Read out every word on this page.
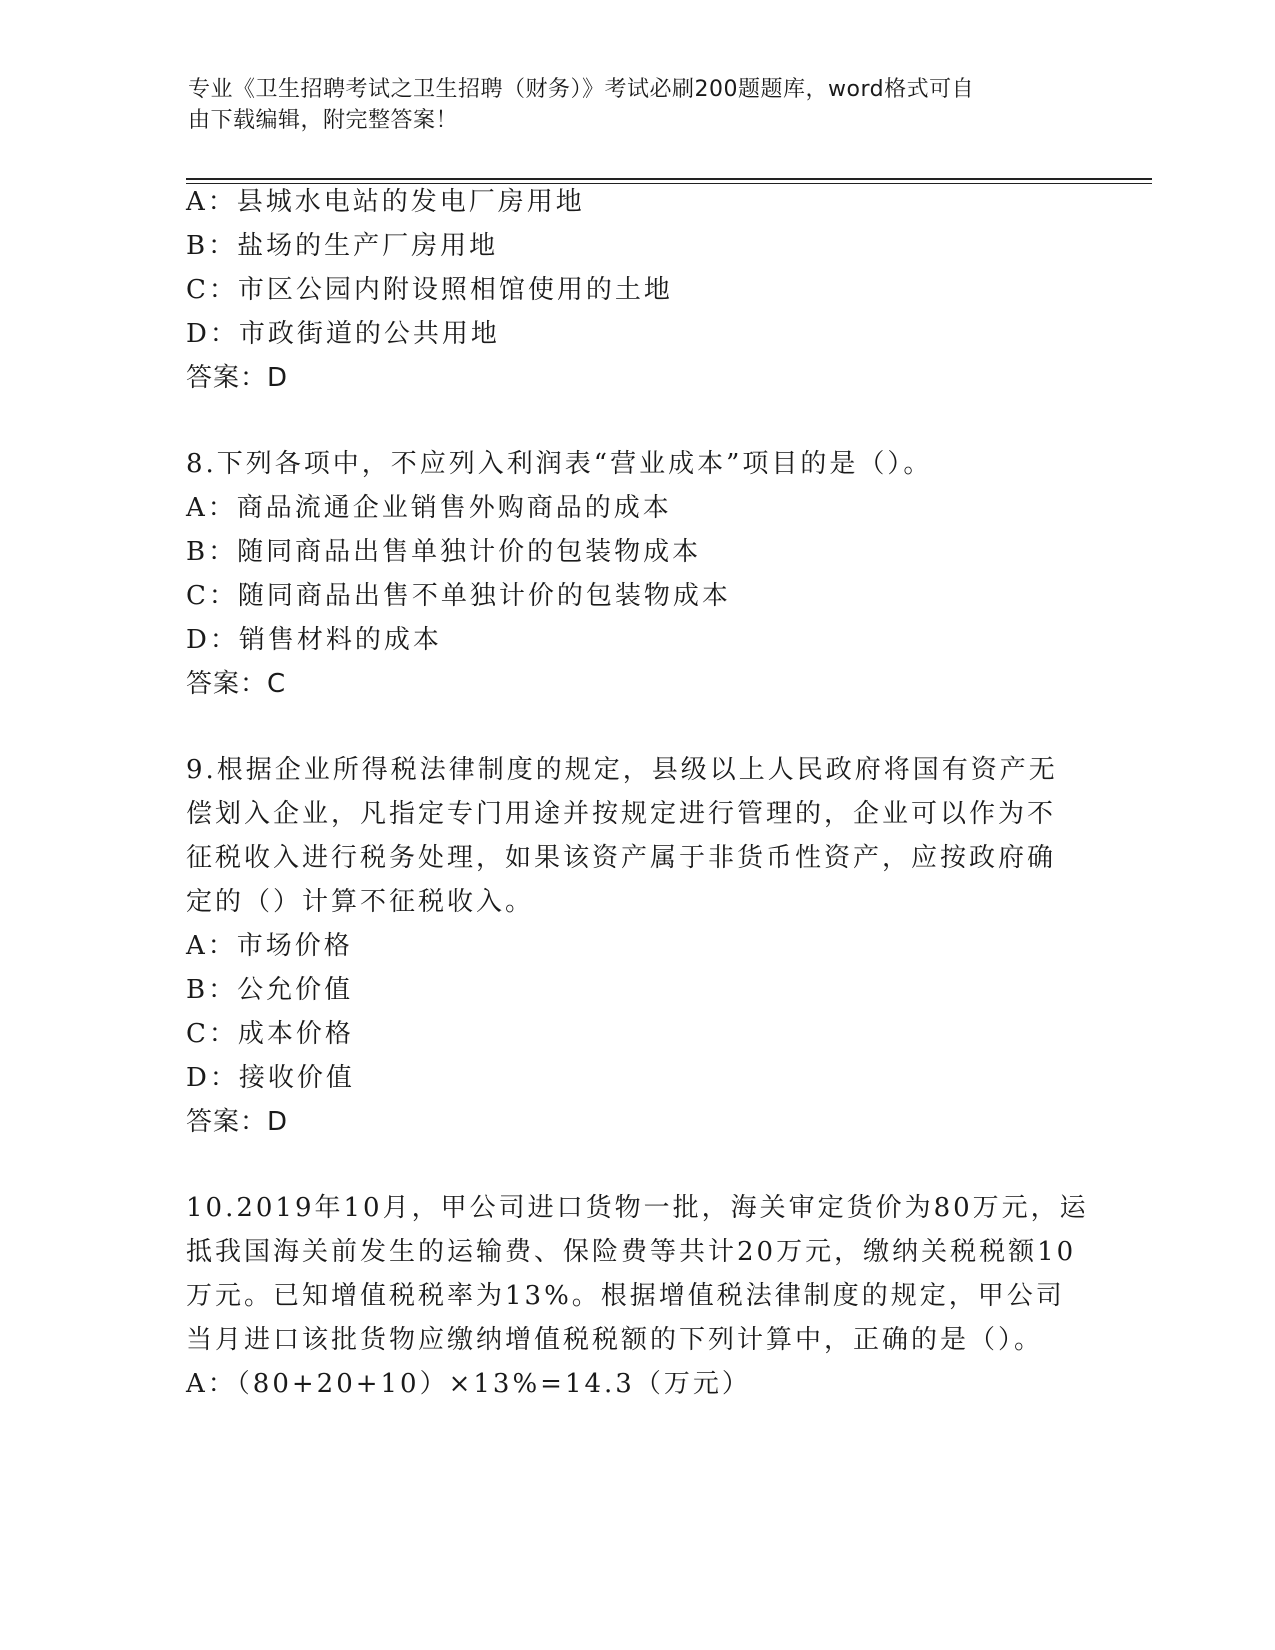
专业《卫生招聘考试之卫生招聘（财务）》考试必刷200题题库，word格式可自
由下载编辑，附完整答案！
A：县城水电站的发电厂房用地
B：盐场的生产厂房用地
C：市区公园内附设照相馆使用的土地
D：市政街道的公共用地
答案：D
8.下列各项中，不应列入利润表“营业成本”项目的是（）。
A：商品流通企业销售外购商品的成本
B：随同商品出售单独计价的包装物成本
C：随同商品出售不单独计价的包装物成本
D：销售材料的成本
答案：C
9.根据企业所得税法律制度的规定，县级以上人民政府将国有资产无
偿划入企业，凡指定专门用途并按规定进行管理的，企业可以作为不
征税收入进行税务处理，如果该资产属于非货币性资产，应按政府确
定的（）计算不征税收入。
A：市场价格
B：公允价值
C：成本价格
D：接收价值
答案：D
10.2019年10月，甲公司进口货物一批，海关审定货价为80万元，运
抵我国海关前发生的运输费、保险费等共计20万元，缴纳关税税额10
万元。已知增值税税率为13%。根据增值税法律制度的规定，甲公司
当月进口该批货物应缴纳增值税税额的下列计算中，正确的是（）。
A：（80+20+10）×13%=14.3（万元）
